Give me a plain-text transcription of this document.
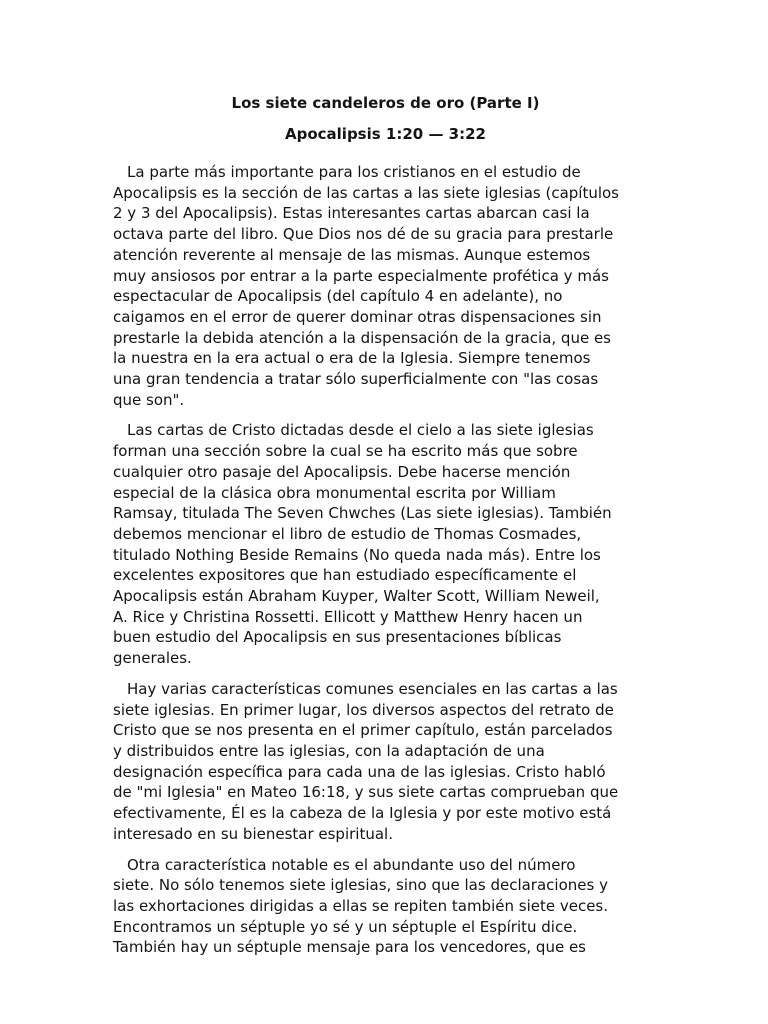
Los siete candeleros de oro (Parte I)
Apocalipsis 1:20 — 3:22
La parte más importante para los cristianos en el estudio de
Apocalipsis es la sección de las cartas a las siete iglesias (capítulos
2 y 3 del Apocalipsis). Estas interesantes cartas abarcan casi la
octava parte del libro. Que Dios nos dé de su gracia para prestarle
atención reverente al mensaje de las mismas. Aunque estemos
muy ansiosos por entrar a la parte especialmente profética y más
espectacular de Apocalipsis (del capítulo 4 en adelante), no
caigamos en el error de querer dominar otras dispensaciones sin
prestarle la debida atención a la dispensación de la gracia, que es
la nuestra en la era actual o era de la Iglesia. Siempre tenemos
una gran tendencia a tratar sólo superficialmente con "las cosas
que son".
Las cartas de Cristo dictadas desde el cielo a las siete iglesias
forman una sección sobre la cual se ha escrito más que sobre
cualquier otro pasaje del Apocalipsis. Debe hacerse mención
especial de la clásica obra monumental escrita por William
Ramsay, titulada The Seven Chwches (Las siete iglesias). También
debemos mencionar el libro de estudio de Thomas Cosmades,
titulado Nothing Beside Remains (No queda nada más). Entre los
excelentes expositores que han estudiado específicamente el
Apocalipsis están Abraham Kuyper, Walter Scott, William Neweil,
A. Rice y Christina Rossetti. Ellicott y Matthew Henry hacen un
buen estudio del Apocalipsis en sus presentaciones bíblicas
generales.
Hay varias características comunes esenciales en las cartas a las
siete iglesias. En primer lugar, los diversos aspectos del retrato de
Cristo que se nos presenta en el primer capítulo, están parcelados
y distribuidos entre las iglesias, con la adaptación de una
designación específica para cada una de las iglesias. Cristo habló
de "mi Iglesia" en Mateo 16:18, y sus siete cartas comprueban que
efectivamente, Él es la cabeza de la Iglesia y por este motivo está
interesado en su bienestar espiritual.
Otra característica notable es el abundante uso del número
siete. No sólo tenemos siete iglesias, sino que las declaraciones y
las exhortaciones dirigidas a ellas se repiten también siete veces.
Encontramos un séptuple yo sé y un séptuple el Espíritu dice.
También hay un séptuple mensaje para los vencedores, que es
